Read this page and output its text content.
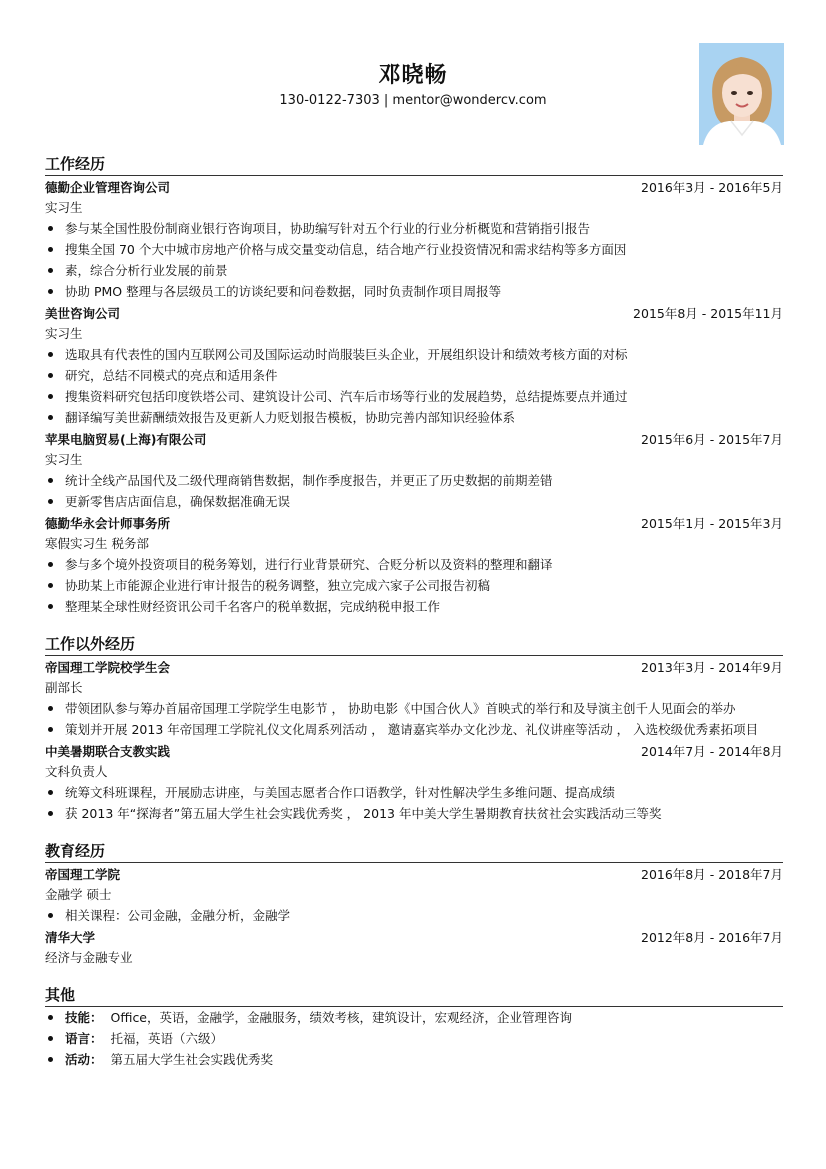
邓晓畅
130-0122-7303 | mentor@wondercv.com
工作经历
德勤企业管理咨询公司	2016年3月 - 2016年5月
实习生
参与某全国性股份制商业银行咨询项目，协助编写针对五个行业的行业分析概览和营销指引报告
搜集全国 70 个大中城市房地产价格与成交量变动信息，结合地产行业投资情况和需求结构等多方面因
素，综合分析行业发展的前景
协助 PMO 整理与各层级员工的访谈纪要和问卷数据，同时负责制作项目周报等
美世咨询公司	2015年8月 - 2015年11月
实习生
选取具有代表性的国内互联网公司及国际运动时尚服装巨头企业，开展组织设计和绩效考核方面的对标
研究，总结不同模式的亮点和适用条件
搜集资料研究包括印度铁塔公司、建筑设计公司、汽车后市场等行业的发展趋势，总结提炼要点并通过
翻译编写美世薪酬绩效报告及更新人力贬划报告模板，协助完善内部知识经验体系
苹果电脑贸易(上海)有限公司	2015年6月 - 2015年7月
实习生
统计全线产品国代及二级代理商销售数据，制作季度报告，并更正了历史数据的前期差错
更新零售店店面信息，确保数据准确无误
德勤华永会计师事务所	2015年1月 - 2015年3月
寒假实习生 税务部
参与多个境外投资项目的税务筹划，进行行业背景研究、合贬分析以及资料的整理和翻译
协助某上市能源企业进行审计报告的税务调整，独立完成六家子公司报告初稿
整理某全球性财经资讯公司千名客户的税单数据，完成纳税申报工作
工作以外经历
帝国理工学院校学生会	2013年3月 - 2014年9月
副部长
带领团队参与筹办首届帝国理工学院学生电影节 ， 协助电影《中国合伙人》首映式的举行和及导演主创千人见面会的举办
策划并开展 2013 年帝国理工学院礼仪文化周系列活动 ， 邀请嘉宾举办文化沙龙、礼仪讲座等活动 ， 入选校级优秀素拓项目
中美暑期联合支教实践	2014年7月 - 2014年8月
文科负责人
统筹文科班课程，开展励志讲座，与美国志愿者合作口语教学，针对性解决学生多维问题、提高成绩
获 2013 年“探海者”第五届大学生社会实践优秀奖 ， 2013 年中美大学生暑期教育扶贫社会实践活动三等奖
教育经历
帝国理工学院	2016年8月 - 2018年7月
金融学 硕士
相关课程：公司金融，金融分析，金融学
清华大学	2012年8月 - 2016年7月
经济与金融专业
其他
技能： Office，英语，金融学，金融服务，绩效考核，建筑设计，宏观经济，企业管理咨询
语言： 托福，英语（六级）
活动： 第五届大学生社会实践优秀奖
